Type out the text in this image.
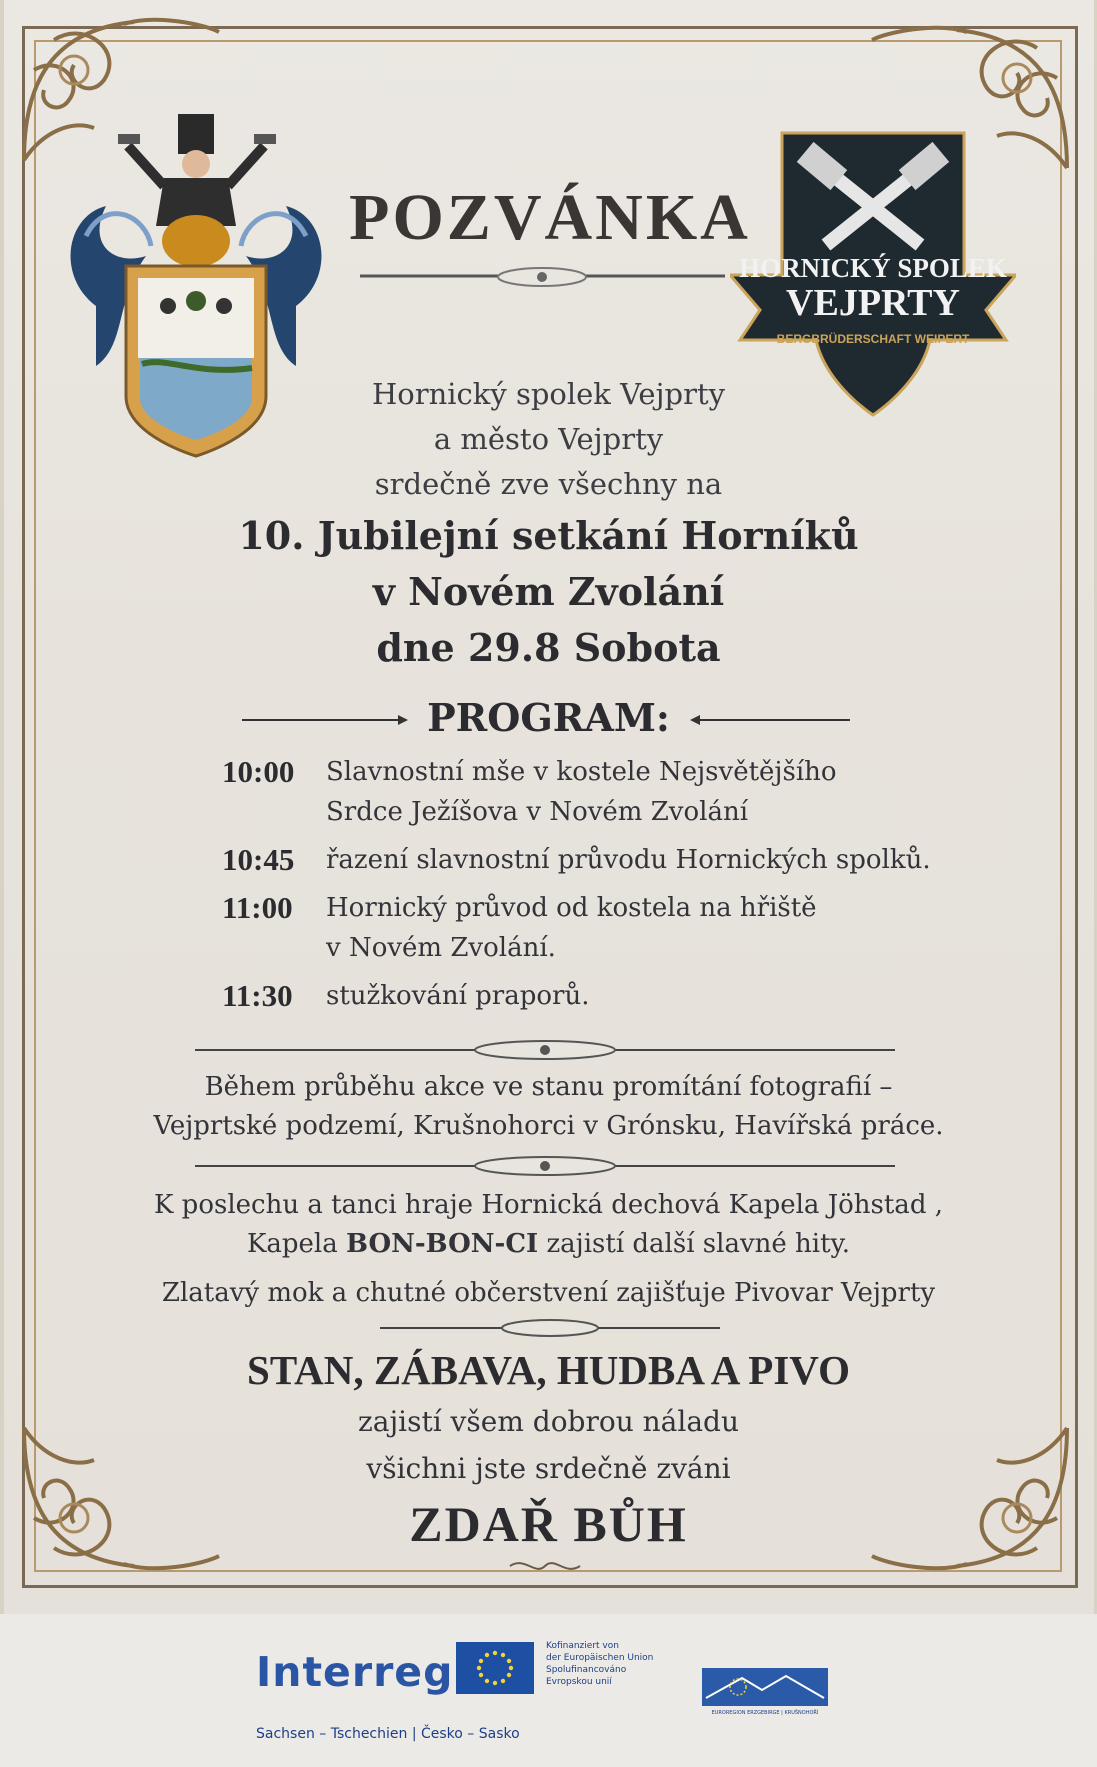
POZVÁNKA
HORNICKÝ SPOLEK
VEJPRTY
BERGBRÜDERSCHAFT WEIPERT
Hornický spolek Vejprty
a město Vejprty
srdečně zve všechny na
10. Jubilejní setkání Horníků
v Novém Zvolání
dne 29.8 Sobota
PROGRAM:
10:00	Slavnostní mše v kostele Nejsvětějšího
Srdce Ježíšova v Novém Zvolání
10:45	řazení slavnostní průvodu Hornických spolků.
11:00	Hornický průvod od kostela na hřiště
v Novém Zvolání.
11:30	stužkování praporů.
Během průběhu akce ve stanu promítání fotografií –
Vejprtské podzemí, Krušnohorci v Grónsku, Havířská práce.
K poslechu a tanci hraje Hornická dechová Kapela Jöhstad ,
Kapela BON-BON-CI zajistí další slavné hity.
Zlatavý mok a chutné občerstvení zajišťuje Pivovar Vejprty
STAN, ZÁBAVA, HUDBA A PIVO
zajistí všem dobrou náladu
všichni jste srdečně zváni
ZDAŘ BŮH
Interreg
Sachsen – Tschechien | Česko – Sasko
Kofinanziert von
der Europäischen Union
Spolufinancováno
Evropskou unií
EUROREGION ERZGEBIRGE | KRUŠNOHOŘÍ
